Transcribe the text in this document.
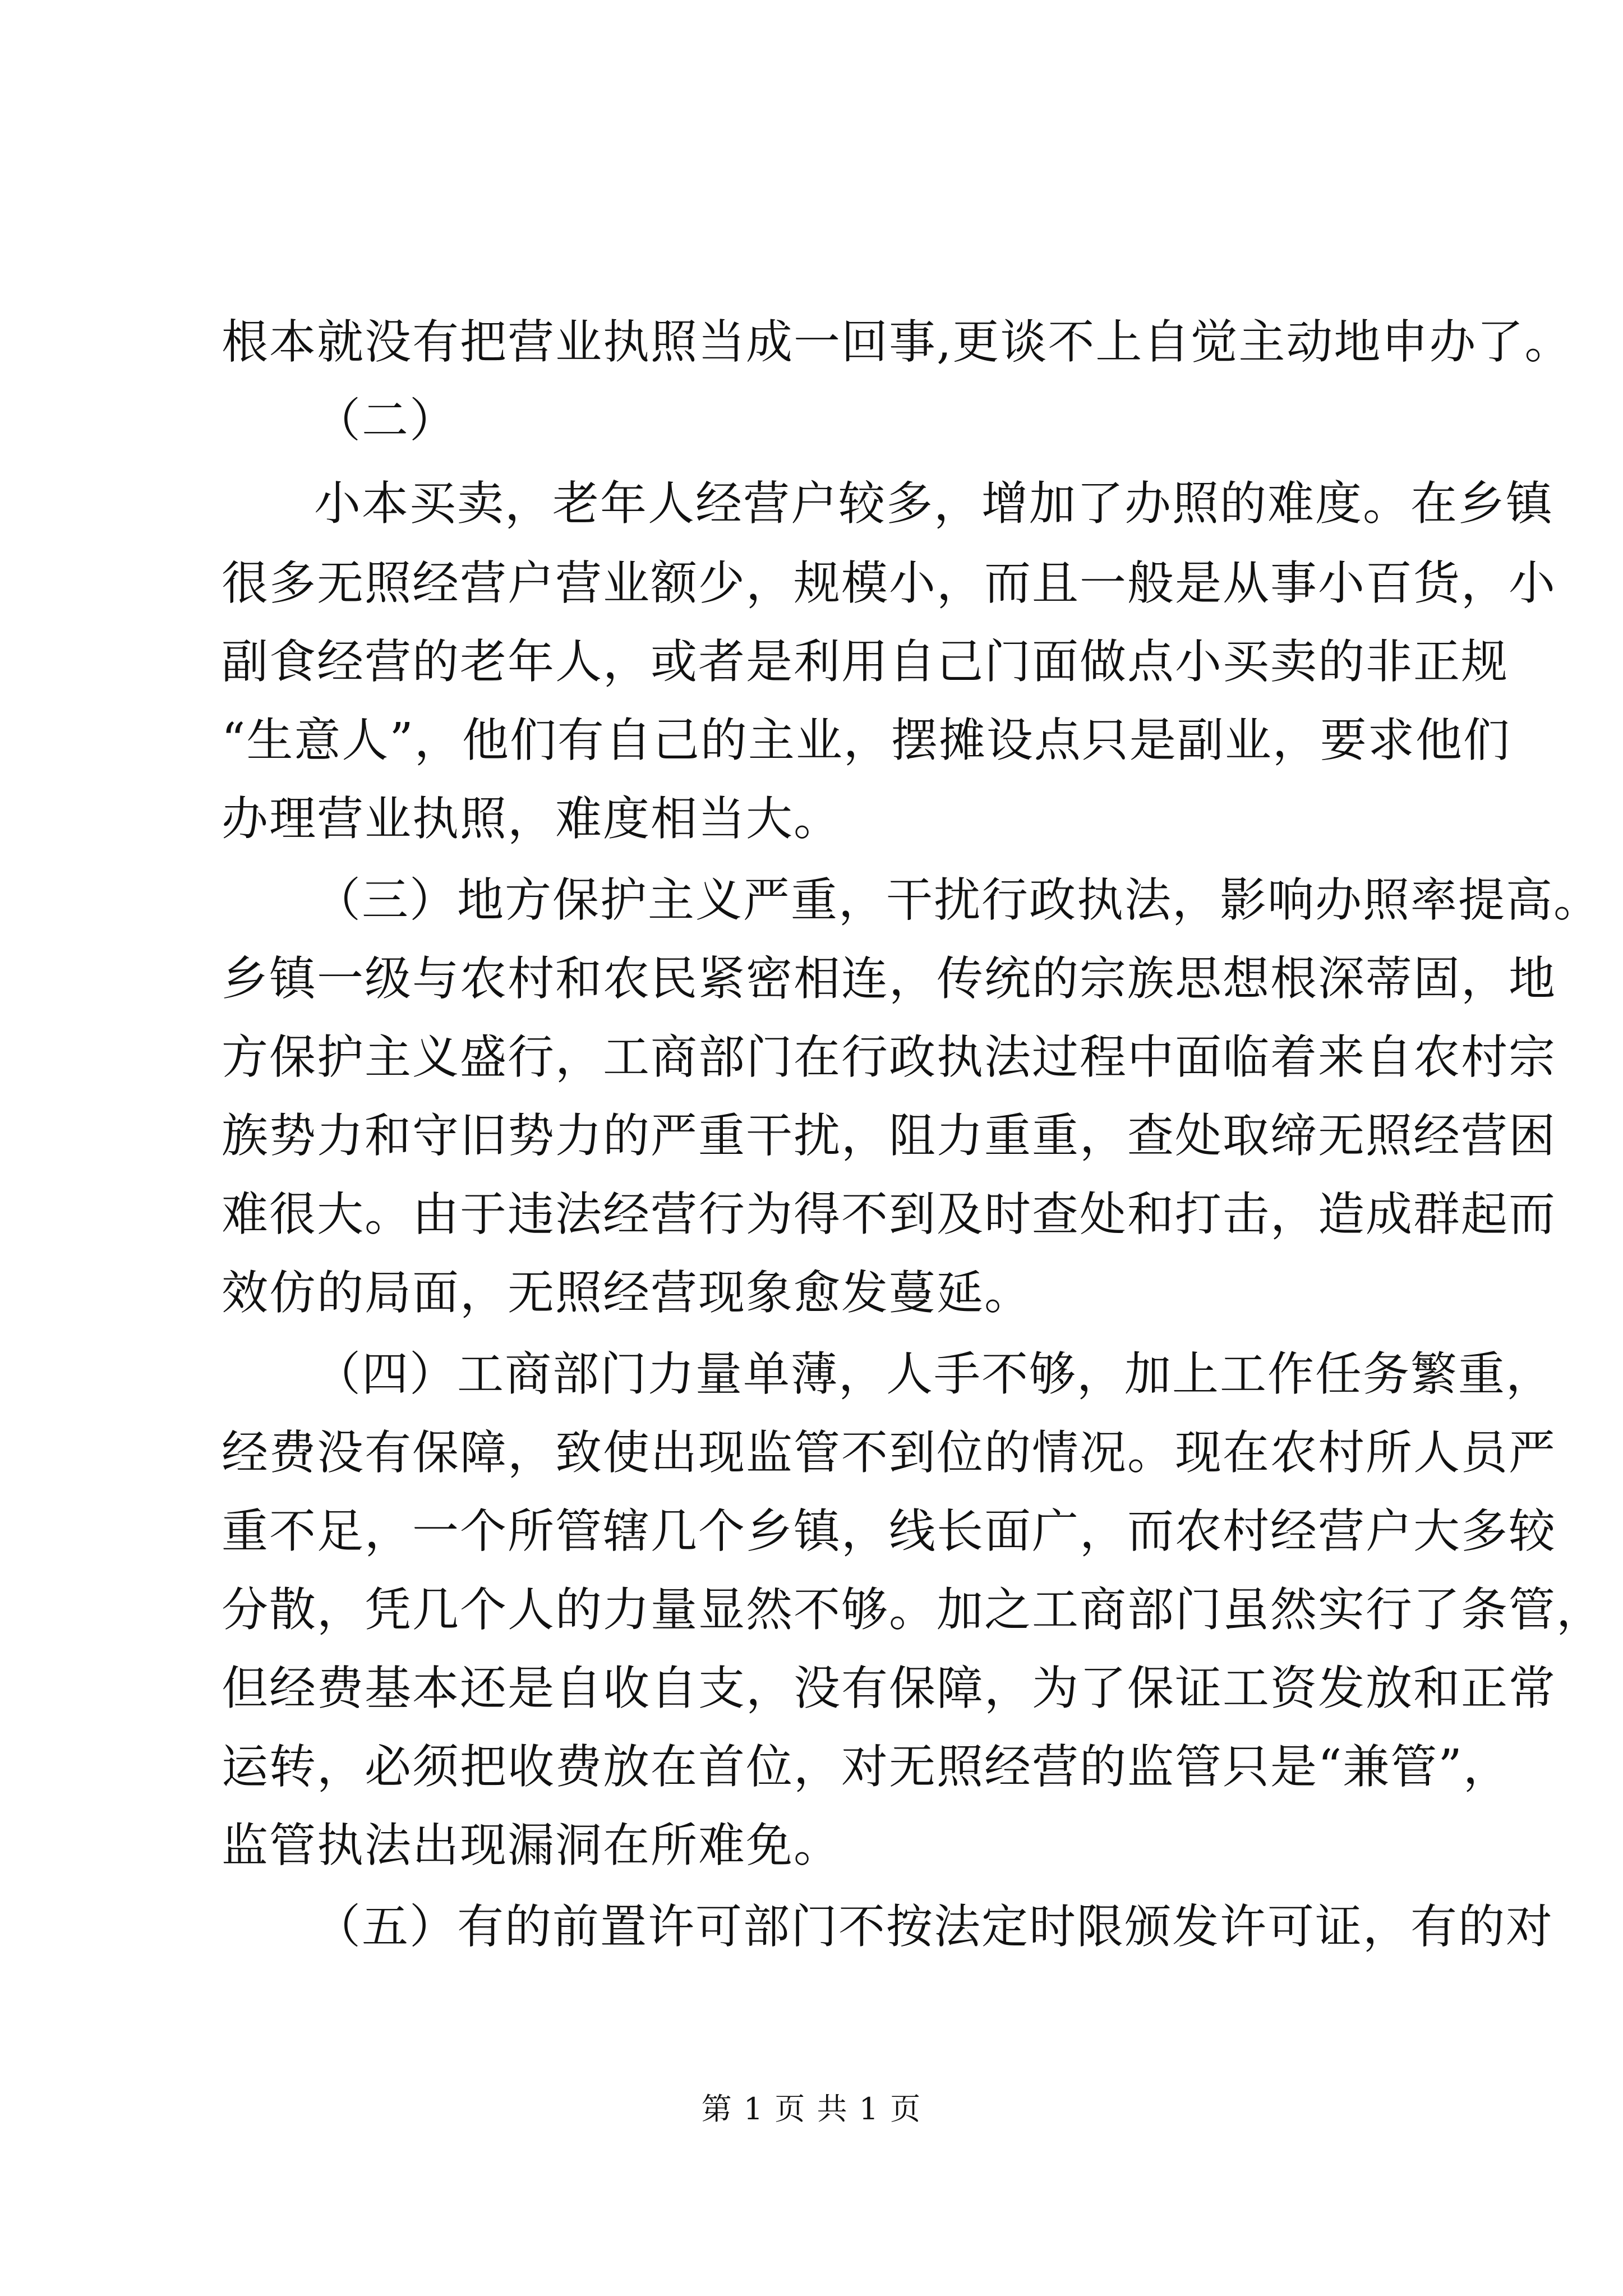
根本就没有把营业执照当成一回事,更谈不上自觉主动地申办了。
（二）
小本买卖，老年人经营户较多，增加了办照的难度。在乡镇
很多无照经营户营业额少，规模小，而且一般是从事小百货，小
副食经营的老年人，或者是利用自己门面做点小买卖的非正规
“生意人”，他们有自己的主业，摆摊设点只是副业，要求他们
办理营业执照，难度相当大。
（三）地方保护主义严重，干扰行政执法，影响办照率提高。
乡镇一级与农村和农民紧密相连，传统的宗族思想根深蒂固，地
方保护主义盛行，工商部门在行政执法过程中面临着来自农村宗
族势力和守旧势力的严重干扰，阻力重重，查处取缔无照经营困
难很大。由于违法经营行为得不到及时查处和打击，造成群起而
效仿的局面，无照经营现象愈发蔓延。
（四）工商部门力量单薄，人手不够，加上工作任务繁重，
经费没有保障，致使出现监管不到位的情况。现在农村所人员严
重不足，一个所管辖几个乡镇，线长面广，而农村经营户大多较
分散，凭几个人的力量显然不够。加之工商部门虽然实行了条管，
但经费基本还是自收自支，没有保障，为了保证工资发放和正常
运转，必须把收费放在首位，对无照经营的监管只是“兼管”，
监管执法出现漏洞在所难免。
（五）有的前置许可部门不按法定时限颁发许可证，有的对
第 1 页 共 1 页
